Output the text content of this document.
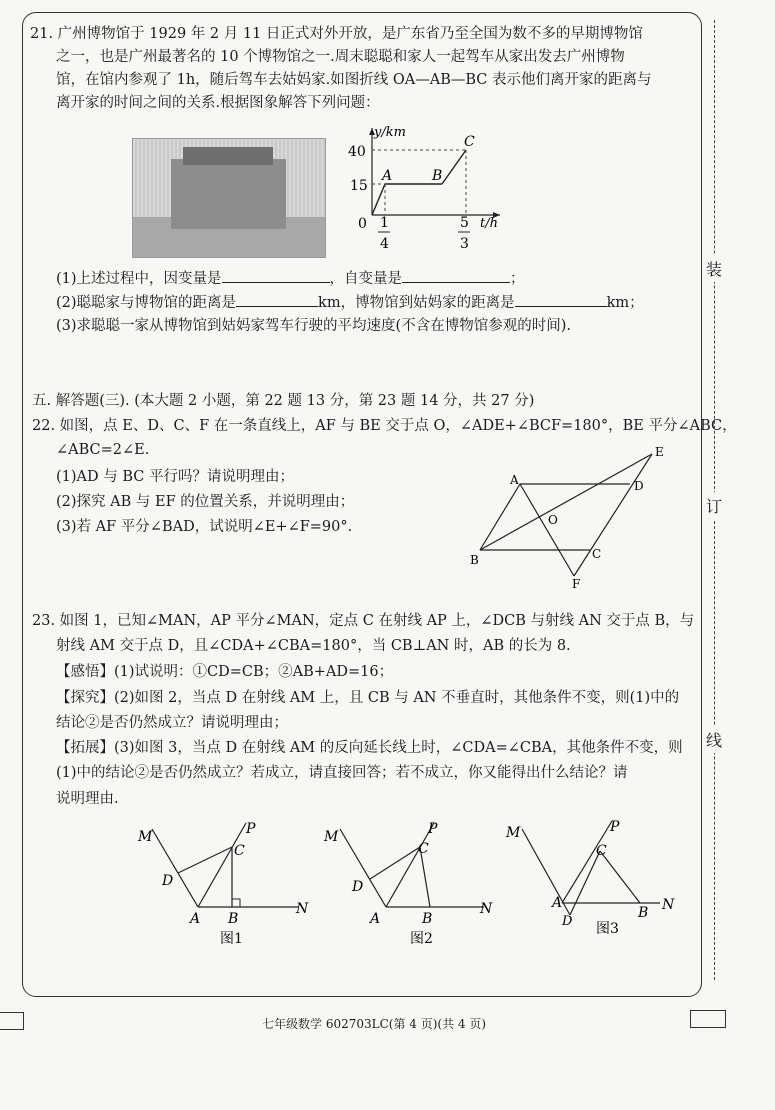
21. 广州博物馆于 1929 年 2 月 11 日正式对外开放，是广东省乃至全国为数不多的早期博物馆
之一，也是广州最著名的 10 个博物馆之一.周末聪聪和家人一起驾车从家出发去广州博物
馆，在馆内参观了 1h，随后驾车去姑妈家.如图折线 OA—AB—BC 表示他们离开家的距离与
离开家的时间之间的关系.根据图象解答下列问题：
y/km
t/h
40
15
0 1
4
5
3
A	B
C
(1)上述过程中，因变量是	，自变量是	；
(2)聪聪家与博物馆的距离是	km，博物馆到姑妈家的距离是	km；
(3)求聪聪一家从博物馆到姑妈家驾车行驶的平均速度(不含在博物馆参观的时间).
五. 解答题(三). (本大题 2 小题，第 22 题 13 分，第 23 题 14 分，共 27 分)
22. 如图，点 E、D、C、F 在一条直线上，AF 与 BE 交于点 O，∠ADE+∠BCF=180°，BE 平分∠ABC，
∠ABC=2∠E.
(1)AD 与 BC 平行吗？请说明理由；
(2)探究 AB 与 EF 的位置关系，并说明理由；
(3)若 AF 平分∠BAD，试说明∠E+∠F=90°.
A
B	C
D
E
F
O
23. 如图 1，已知∠MAN，AP 平分∠MAN，定点 C 在射线 AP 上，∠DCB 与射线 AN 交于点 B，与
射线 AM 交于点 D，且∠CDA+∠CBA=180°，当 CB⊥AN 时，AB 的长为 8.
【感悟】(1)试说明：①CD=CB；②AB+AD=16；
【探究】(2)如图 2，当点 D 在射线 AM 上，且 CB 与 AN 不垂直时，其他条件不变，则(1)中的
结论②是否仍然成立？请说明理由；
【拓展】(3)如图 3，当点 D 在射线 AM 的反向延长线上时，∠CDA=∠CBA，其他条件不变，则
(1)中的结论②是否仍然成立？若成立，请直接回答；若不成立，你又能得出什么结论？请
说明理由.
M	P
C
D
A B
N
图1
M	P
C
D
A	B
N
图2
M	P
C
A
D
B N
图3
装
订
线
七年级数学 602703LC(第 4 页)(共 4 页)
